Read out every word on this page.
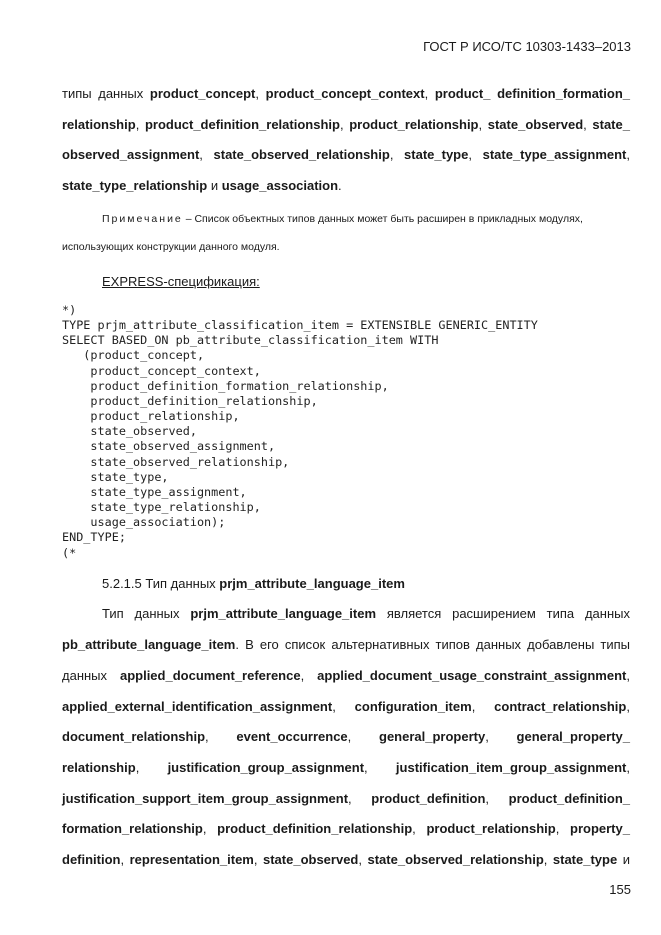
ГОСТ Р ИСО/ТС 10303-1433–2013
типы данных product_concept, product_concept_context, product_ definition_formation_
relationship, product_definition_relationship, product_relationship, state_observed, state_
observed_assignment, state_observed_relationship, state_type, state_type_assignment,
state_type_relationship и usage_association.
Примечание – Список объектных типов данных может быть расширен в прикладных модулях,
использующих конструкции данного модуля.
EXPRESS-спецификация:
*)
TYPE prjm_attribute_classification_item = EXTENSIBLE GENERIC_ENTITY
SELECT BASED_ON pb_attribute_classification_item WITH
(product_concept,
product_concept_context,
product_definition_formation_relationship,
product_definition_relationship,
product_relationship,
state_observed,
state_observed_assignment,
state_observed_relationship,
state_type,
state_type_assignment,
state_type_relationship,
usage_association);
END_TYPE;
(*
5.2.1.5 Тип данных prjm_attribute_language_item
Тип данных prjm_attribute_language_item является расширением типа данных
pb_attribute_language_item. В его список альтернативных типов данных добавлены типы
данных applied_document_reference, applied_document_usage_constraint_assignment,
applied_external_identification_assignment, configuration_item, contract_relationship,
document_relationship, event_occurrence, general_property, general_property_
relationship, justification_group_assignment, justification_item_group_assignment,
justification_support_item_group_assignment, product_definition, product_definition_
formation_relationship, product_definition_relationship, product_relationship, property_
definition, representation_item, state_observed, state_observed_relationship, state_type и
155
